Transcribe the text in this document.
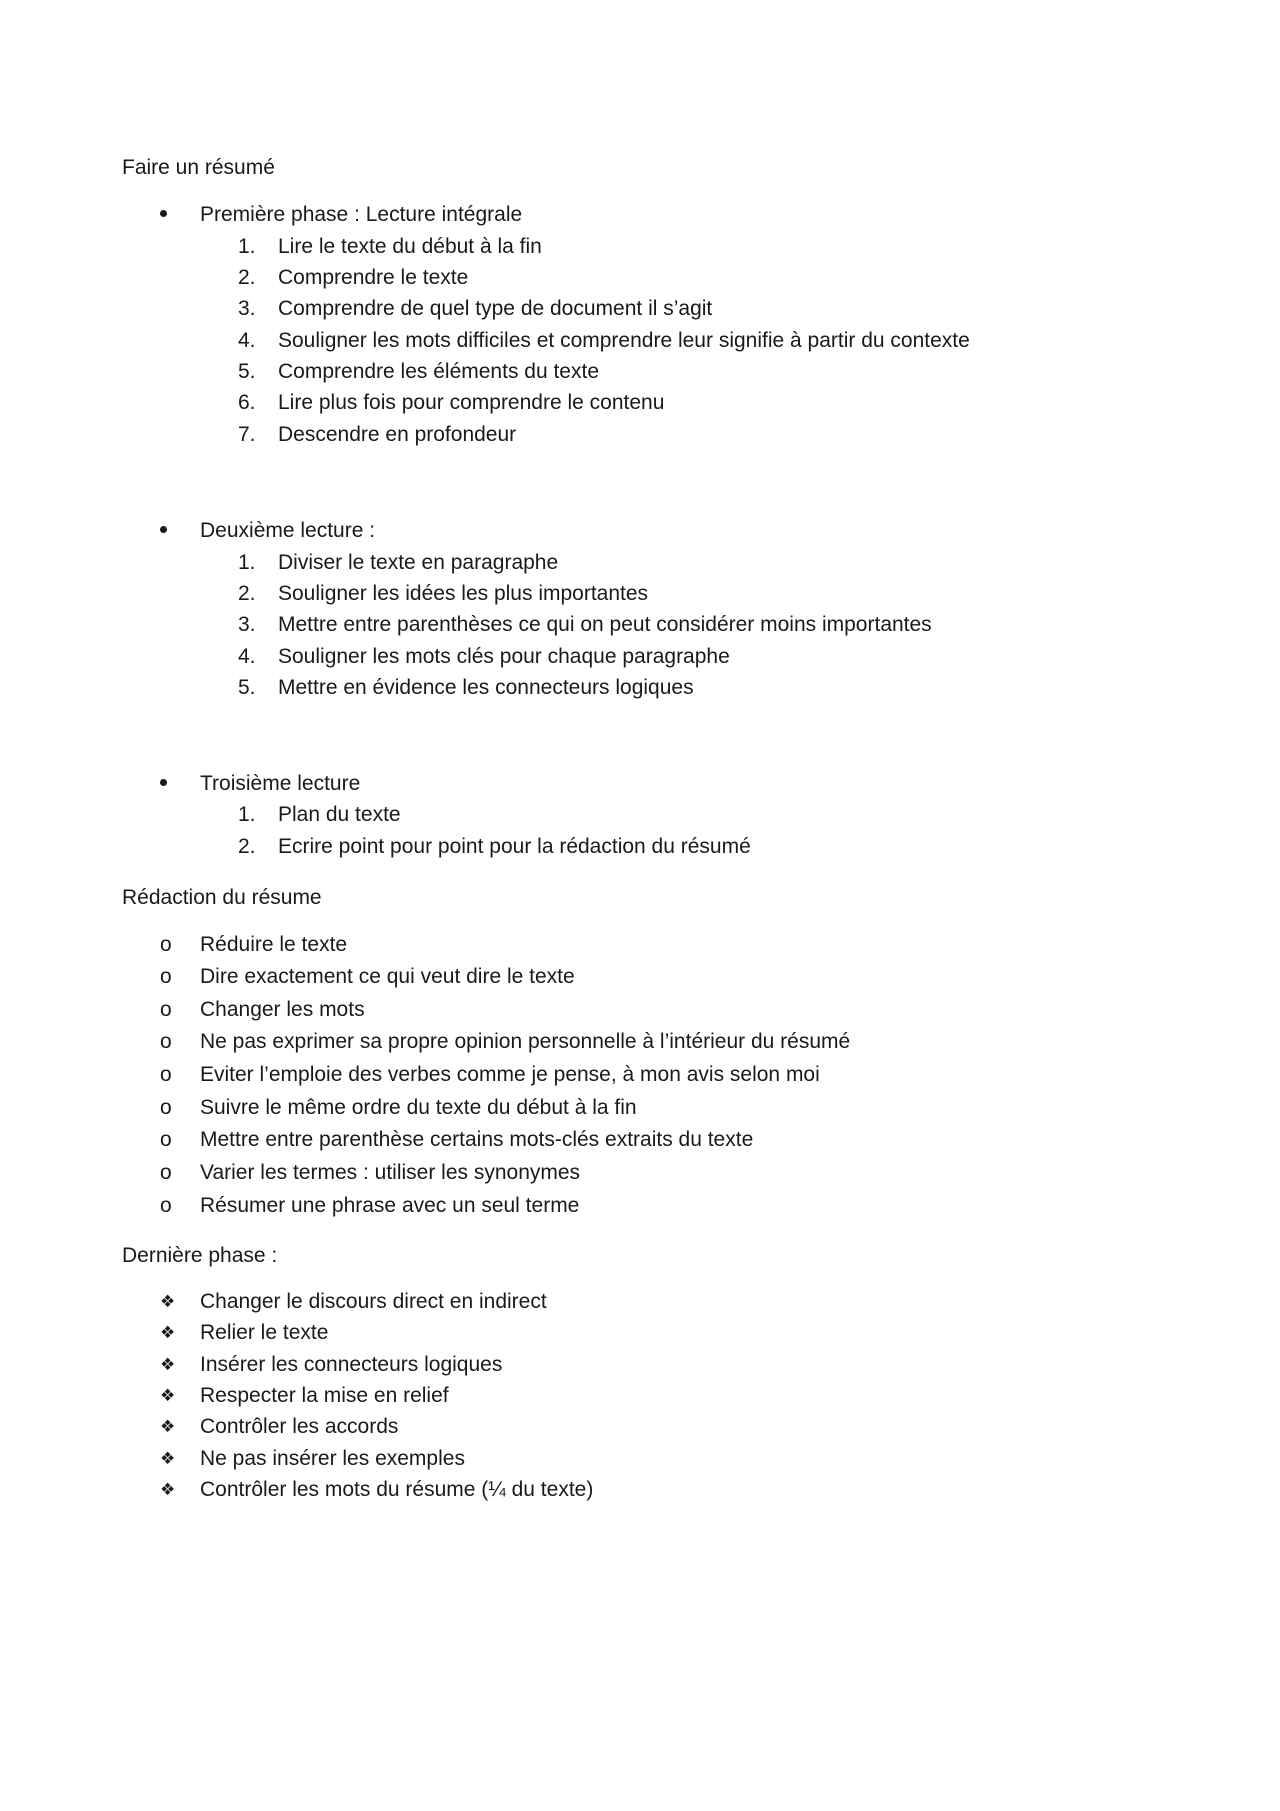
Faire un résumé
Première phase : Lecture intégrale
1.	Lire le texte du début à la fin
2.	Comprendre le texte
3.	Comprendre de quel type de document il s’agit
4.	Souligner les mots difficiles et comprendre leur signifie à partir du contexte
5.	Comprendre les éléments du texte
6.	Lire plus fois pour comprendre le contenu
7.	Descendre en profondeur
Deuxième lecture :
1.	Diviser le texte en paragraphe
2.	Souligner les idées les plus importantes
3.	Mettre entre parenthèses ce qui on peut considérer moins importantes
4.	Souligner les mots clés pour chaque paragraphe
5.	Mettre en évidence les connecteurs logiques
Troisième lecture
1.	Plan du texte
2.	Ecrire point pour point pour la rédaction du résumé
Rédaction du résume
o	Réduire le texte
o	Dire exactement ce qui veut dire le texte
o	Changer les mots
o	Ne pas exprimer sa propre opinion personnelle à l’intérieur du résumé
o	Eviter l’emploie des verbes comme je pense, à mon avis selon moi
o	Suivre le même ordre du texte du début à la fin
o	Mettre entre parenthèse certains mots-clés extraits du texte
o	Varier les termes : utiliser les synonymes
o	Résumer une phrase avec un seul terme
Dernière phase :
❖ Changer le discours direct en indirect
❖ Relier le texte
❖ Insérer les connecteurs logiques
❖ Respecter la mise en relief
❖ Contrôler les accords
❖ Ne pas insérer les exemples
❖ Contrôler les mots du résume (¼ du texte)
